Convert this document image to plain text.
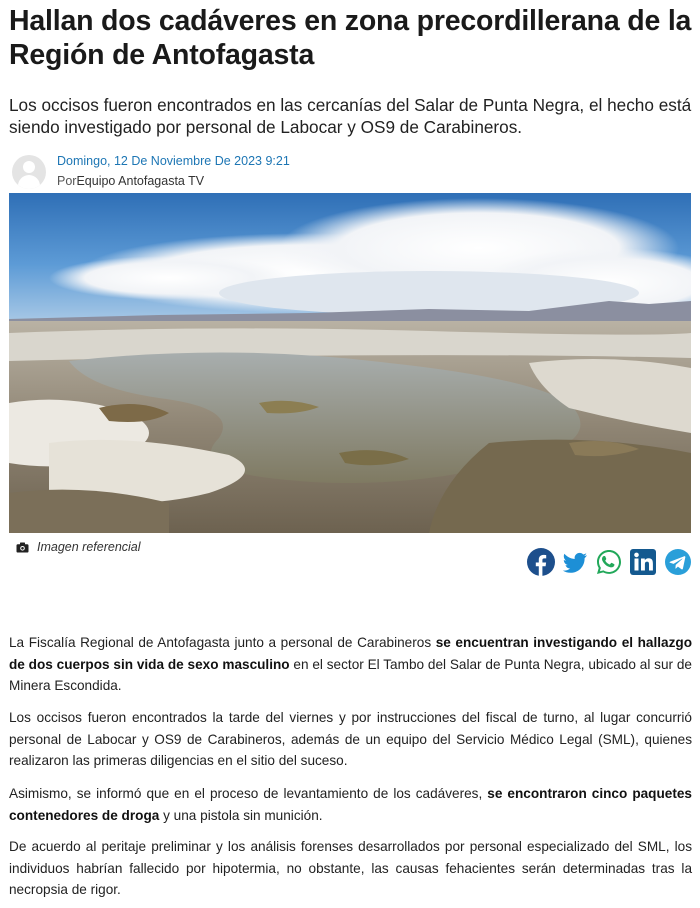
Hallan dos cadáveres en zona precordillerana de la Región de Antofagasta

Los occisos fueron encontrados en las cercanías del Salar de Punta Negra, el hecho está siendo investigado por personal de Labocar y OS9 de Carabineros.

Domingo, 12 De Noviembre De 2023 9:21
PorEquipo Antofagasta TV
Imagen referencial

La Fiscalía Regional de Antofagasta junto a personal de Carabineros se encuentran investigando el hallazgo de dos cuerpos sin vida de sexo masculino en el sector El Tambo del Salar de Punta Negra, ubicado al sur de Minera Escondida.

Los occisos fueron encontrados la tarde del viernes y por instrucciones del fiscal de turno, al lugar concurrió personal de Labocar y OS9 de Carabineros, además de un equipo del Servicio Médico Legal (SML), quienes realizaron las primeras diligencias en el sitio del suceso.

Asimismo, se informó que en el proceso de levantamiento de los cadáveres, se encontraron cinco paquetes contenedores de droga y una pistola sin munición.

De acuerdo al peritaje preliminar y los análisis forenses desarrollados por personal especializado del SML, los individuos habrían fallecido por hipotermia, no obstante, las causas fehacientes serán determinadas tras la necropsia de rigor.
